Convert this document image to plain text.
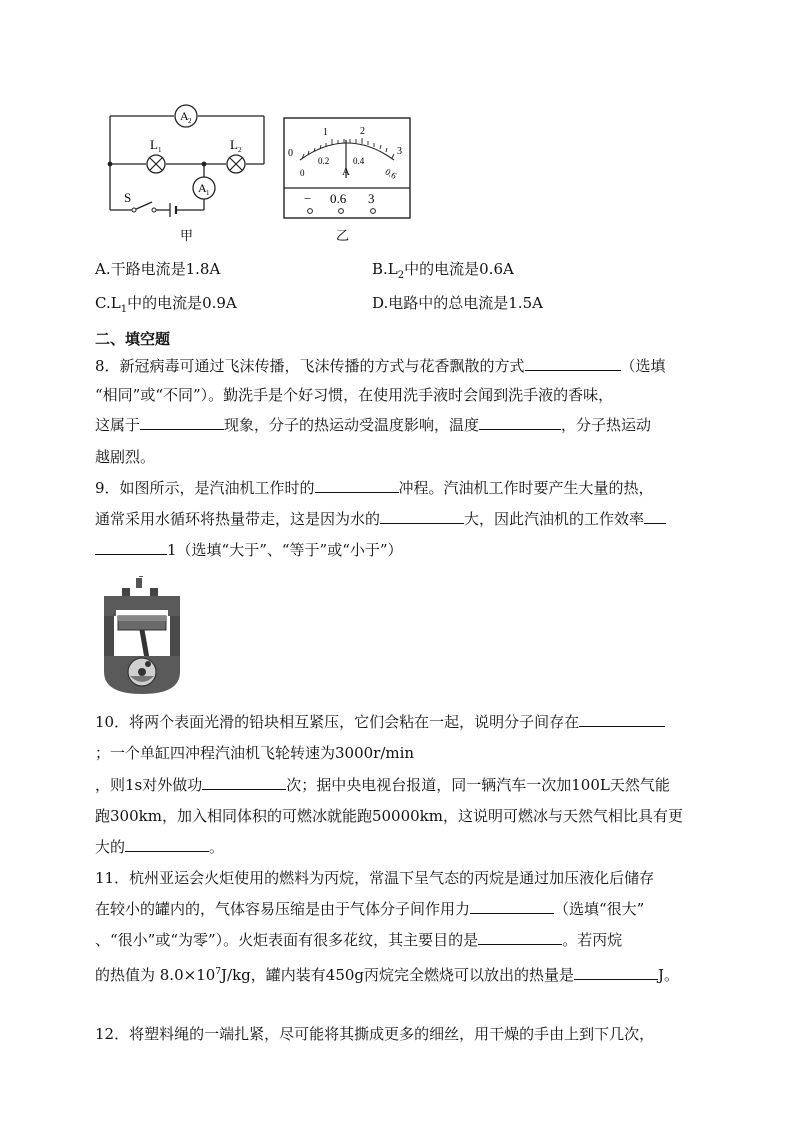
A 2
L 1	L 2
A 1
S
甲
0
1	2
3
0
0.2	0.4
0.6
A
− 0.6 3
乙
A.干路电流是1.8A	$B.L_2$中的电流是0.6A
$C.L_1$中的电流是0.9A	D.电路中的总电流是1.5A
二、填空题
8．新冠病毒可通过飞沫传播，飞沫传播的方式与花香飘散的方式	（选填
“相同”或“不同”）。勤洗手是个好习惯，在使用洗手液时会闻到洗手液的香味，
这属于	现象，分子的热运动受温度影响，温度	，分子热运动
越剧烈。
9．如图所示，是汽油机工作时的	冲程。汽油机工作时要产生大量的热，
通常采用水循环将热量带走，这是因为水的	大，因此汽油机的工作效率
1（选填“大于”、“等于”或“小于”）
10．将两个表面光滑的铅块相互紧压，它们会粘在一起，说明分子间存在
；一个单缸四冲程汽油机飞轮转速为3000r/min
，则1s对外做功	次；据中央电视台报道，同一辆汽车一次加100L天然气能
跑300km，加入相同体积的可燃冰就能跑50000km，这说明可燃冰与天然气相比具有更
大的	。
11．杭州亚运会火炬使用的燃料为丙烷，常温下呈气态的丙烷是通过加压液化后储存
在较小的罐内的，气体容易压缩是由于气体分子间作用力	（选填“很大”
、“很小”或“为零”）。火炬表面有很多花纹，其主要目的是	。若丙烷
的热值为 $8.0\times 10^7J/kg$，罐内装有450g丙烷完全燃烧可以放出的热量是	J。
12．将塑料绳的一端扎紧，尽可能将其撕成更多的细丝，用干燥的手由上到下几次，
